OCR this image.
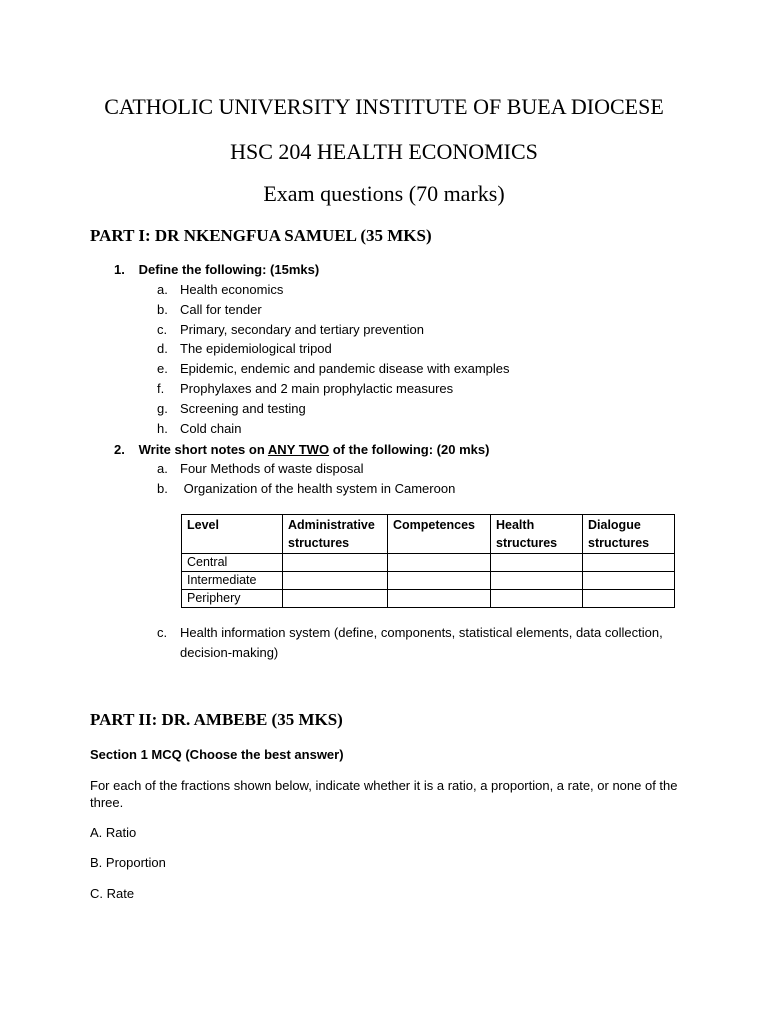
CATHOLIC UNIVERSITY INSTITUTE OF BUEA DIOCESE
HSC 204 HEALTH ECONOMICS
Exam questions (70 marks)
PART I: DR NKENGFUA SAMUEL (35 MKS)
1. Define the following: (15mks)
a. Health economics
b. Call for tender
c. Primary, secondary and tertiary prevention
d. The epidemiological tripod
e. Epidemic, endemic and pandemic disease with examples
f. Prophylaxes and 2 main prophylactic measures
g. Screening and testing
h. Cold chain
2. Write short notes on ANY TWO of the following: (20 mks)
a. Four Methods of waste disposal
b. Organization of the health system in Cameroon
Level	Administrative structures	Competences	Health structures	Dialogue structures
Central				
Intermediate				
Periphery				
c. Health information system (define, components, statistical elements, data collection,
decision-making)
PART II: DR. AMBEBE (35 MKS)
Section 1 MCQ (Choose the best answer)
For each of the fractions shown below, indicate whether it is a ratio, a proportion, a rate, or none of the
three.
A. Ratio
B. Proportion
C. Rate
